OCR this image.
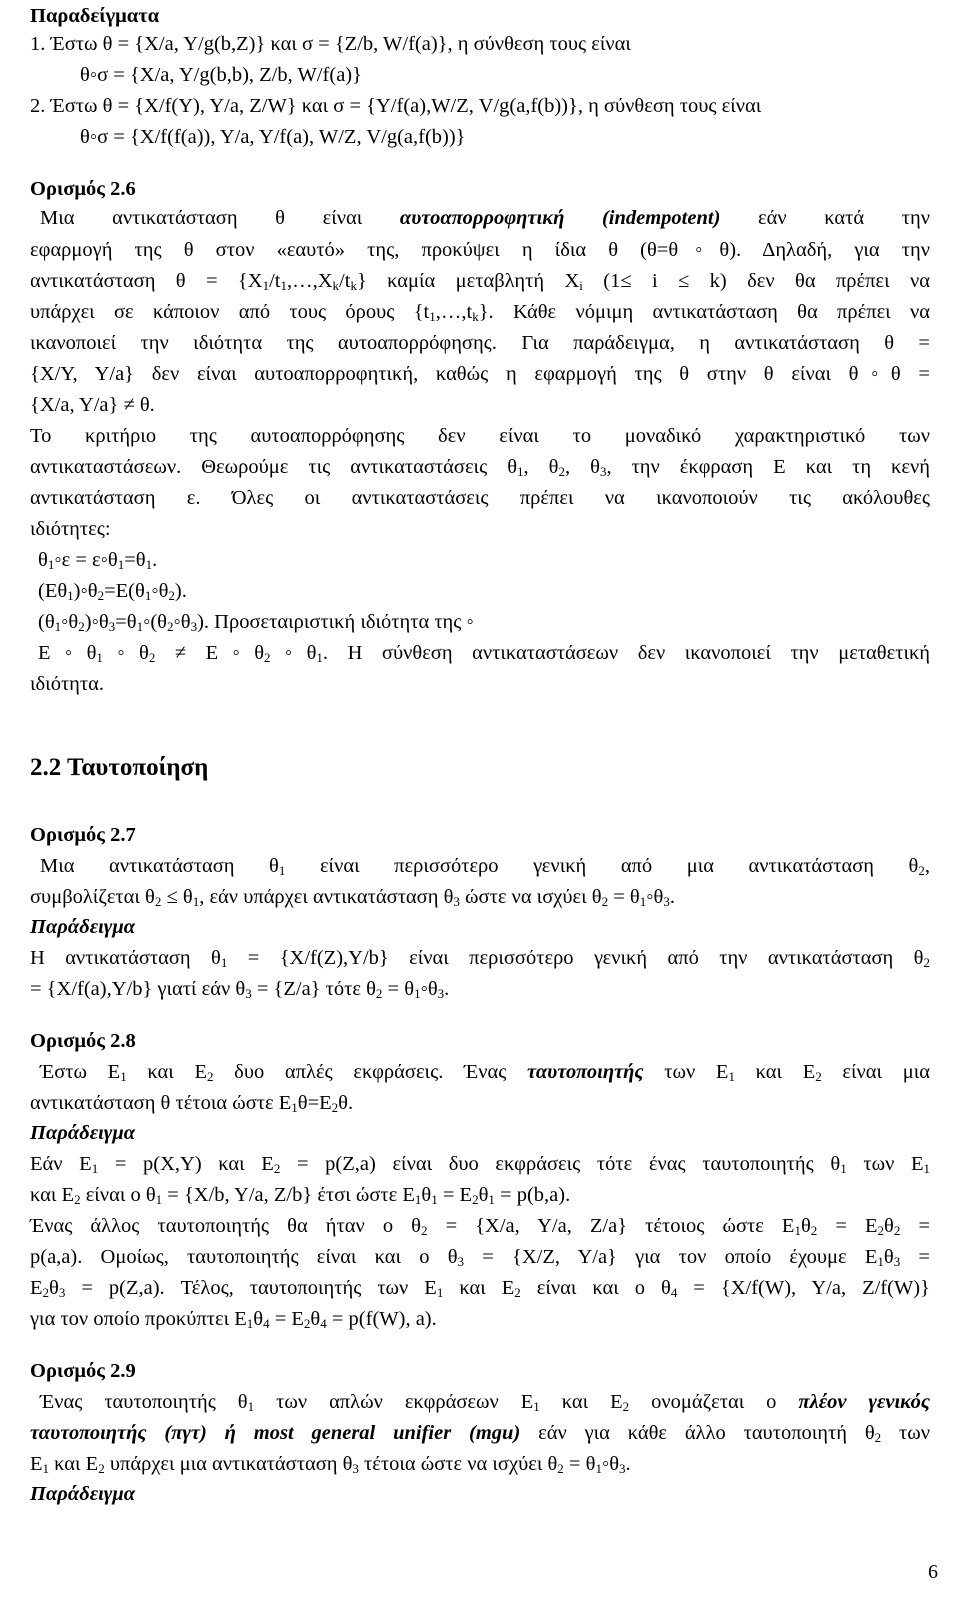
Παραδείγματα
1. Έστω θ = {X/a, Y/g(b,Z)} και σ = {Z/b, W/f(a)}, η σύνθεση τους είναι
θ◦σ = {X/a, Y/g(b,b), Z/b, W/f(a)}
2. Έστω θ = {X/f(Y), Y/a, Z/W} και σ = {Y/f(a),W/Z, V/g(a,f(b))}, η σύνθεση τους είναι
θ◦σ = {X/f(f(a)), Y/a, Y/f(a), W/Z, V/g(a,f(b))}
Ορισμός 2.6
Μια αντικατάσταση θ είναι αυτοαπορροφητική (indempotent) εάν κατά την
εφαρμογή της θ στον «εαυτό» της, προκύψει η ίδια θ (θ=θ◦θ). Δηλαδή, για την
αντικατάσταση $\theta = \{X_1/t_1,\dots,X_k/t_k\}$ καμία μεταβλητή $X_i$ (1≤ i ≤ k) δεν θα πρέπει να
υπάρχει σε κάποιον από τους όρους $\{t_1,\dots,t_k\}$. Κάθε νόμιμη αντικατάσταση θα πρέπει να
ικανοποιεί την ιδιότητα της αυτοαπορρόφησης. Για παράδειγμα, η αντικατάσταση θ =
{X/Y, Y/a} δεν είναι αυτοαπορροφητική, καθώς η εφαρμογή της θ στην θ είναι θ◦θ =
{X/a, Y/a} ≠ θ.
Το κριτήριο της αυτοαπορρόφησης δεν είναι το μοναδικό χαρακτηριστικό των
αντικαταστάσεων. Θεωρούμε τις αντικαταστάσεις $\theta_1$, $\theta_2$, $\theta_3$, την έκφραση E και τη κενή
αντικατάσταση ε. Όλες οι αντικαταστάσεις πρέπει να ικανοποιούν τις ακόλουθες
ιδιότητες:
$\theta_1◦\varepsilon$ = $\varepsilon◦\theta_1=\theta_1$.
$(E\theta_1)◦\theta_2=E(\theta_1◦\theta_2)$.
$(\theta_1◦\theta_2)◦\theta_3=\theta_1◦(\theta_2◦\theta_3)$. Προσεταιριστική ιδιότητα της ◦
$E◦\theta_1◦\theta_2$ ≠ $E◦\theta_2◦\theta_1$. Η σύνθεση αντικαταστάσεων δεν ικανοποιεί την μεταθετική
ιδιότητα.
2.2 Ταυτοποίηση
Ορισμός 2.7
Μια αντικατάσταση $\theta_1$ είναι περισσότερο γενική από μια αντικατάσταση $\theta_2$,
συμβολίζεται $\theta_2 \le \theta_1$, εάν υπάρχει αντικατάσταση $\theta_3$ ώστε να ισχύει $\theta_2$ = $\theta_1◦\theta_3$.
Παράδειγμα
Η αντικατάσταση $\theta_1 = \{X/f(Z),Y/b\}$ είναι περισσότερο γενική από την αντικατάσταση $\theta_2$
= {X/f(a),Y/b} γιατί εάν $\theta_3 = \{Z/a\}$ τότε $\theta_2$ = $\theta_1◦\theta_3$.
Ορισμός 2.8
Έστω $E_1$ και $E_2$ δυο απλές εκφράσεις. Ένας ταυτοποιητής των $E_1$ και $E_2$ είναι μια
αντικατάσταση θ τέτοια ώστε $E_1\theta=E_2\theta$.
Παράδειγμα
Εάν $E_1 = p(X,Y)$ και $E_2 = p(Z,a)$ είναι δυο εκφράσεις τότε ένας ταυτοποιητής $\theta_1$ των $E_1$
και $E_2$ είναι ο $\theta_1 = \{X/b$, Y/a, Z/b} έτσι ώστε $E_1\theta_1 = E_2\theta_1 = p(b,a)$.
Ένας άλλος ταυτοποιητής θα ήταν ο $\theta_2 = \{X/a$, Y/a, Z/a} τέτοιος ώστε $E_1\theta_2 = E_2\theta_2$ =
p(a,a). Ομοίως, ταυτοποιητής είναι και ο $\theta_3 = \{X/Z$, Y/a} για τον οποίο έχουμε $E_1\theta_3$ =
$E_2\theta_3 = p(Z,a)$. Τέλος, ταυτοποιητής των $E_1$ και $E_2$ είναι και ο $\theta_4 = \{X/f(W)$, Y/a, Z/f(W)}
για τον οποίο προκύπτει $E_1\theta_4 = E_2\theta_4 = p(f(W)$, a).
Ορισμός 2.9
Ένας ταυτοποιητής $\theta_1$ των απλών εκφράσεων $E_1$ και $E_2$ ονομάζεται ο πλέον γενικός
ταυτοποιητής (πγτ) ή most general unifier (mgu) εάν για κάθε άλλο ταυτοποιητή $\theta_2$ των
$E_1$ και $E_2$ υπάρχει μια αντικατάσταση $\theta_3$ τέτοια ώστε να ισχύει $\theta_2$ = $\theta_1◦\theta_3$.
Παράδειγμα
6
